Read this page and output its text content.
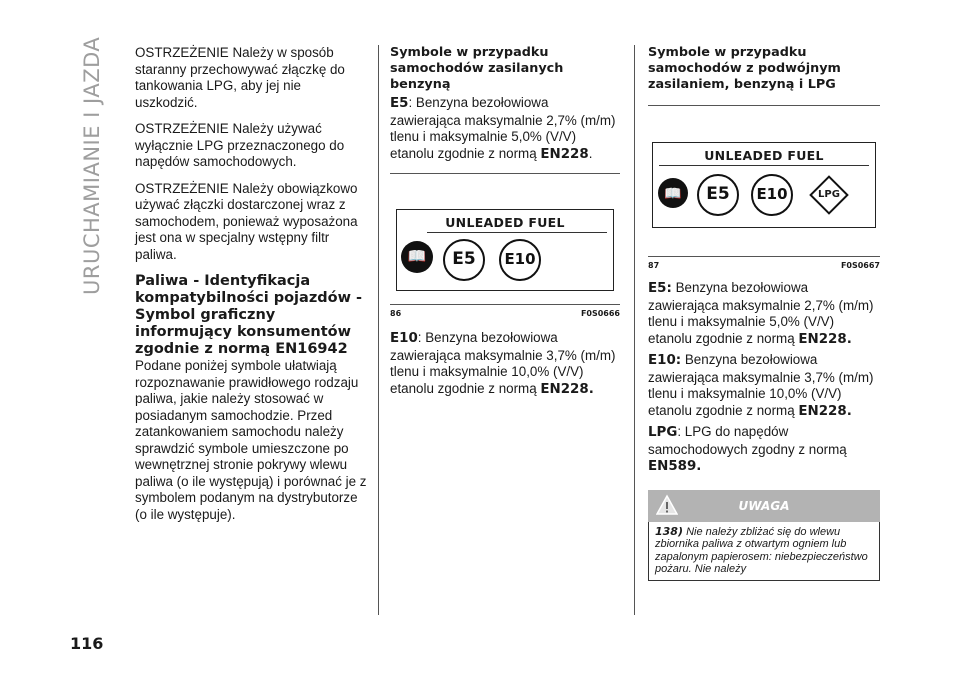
URUCHAMIANIE I JAZDA
116

OSTRZEŻENIE Należy w sposób staranny przechowywać złączkę do tankowania LPG, aby jej nie uszkodzić.

OSTRZEŻENIE Należy używać wyłącznie LPG przeznaczonego do napędów samochodowych.

OSTRZEŻENIE Należy obowiązkowo używać złączki dostarczonej wraz z samochodem, ponieważ wyposażona jest ona w specjalny wstępny filtr paliwa.

Paliwa - Identyfikacja kompatybilności pojazdów - Symbol graficzny informujący konsumentów zgodnie z normą EN16942

Podane poniżej symbole ułatwiają rozpoznawanie prawidłowego rodzaju paliwa, jakie należy stosować w posiadanym samochodzie. Przed zatankowaniem samochodu należy sprawdzić symbole umieszczone po wewnętrznej stronie pokrywy wlewu paliwa (o ile występują) i porównać je z symbolem podanym na dystrybutorze (o ile występuje).

Symbole w przypadku samochodów zasilanych benzyną

E5: Benzyna bezołowiowa zawierająca maksymalnie 2,7% (m/m) tlenu i maksymalnie 5,0% (V/V) etanolu zgodnie z normą EN228.

UNLEADED FUEL
📖	E5	E10
86	F0S0666

E10: Benzyna bezołowiowa zawierająca maksymalnie 3,7% (m/m) tlenu i maksymalnie 10,0% (V/V) etanolu zgodnie z normą EN228.

Symbole w przypadku samochodów z podwójnym zasilaniem, benzyną i LPG
UNLEADED FUEL
📖	E5	E10	LPG
87	F0S0667

E5: Benzyna bezołowiowa zawierająca maksymalnie 2,7% (m/m) tlenu i maksymalnie 5,0% (V/V) etanolu zgodnie z normą EN228.

E10: Benzyna bezołowiowa zawierająca maksymalnie 3,7% (m/m) tlenu i maksymalnie 10,0% (V/V) etanolu zgodnie z normą EN228.

LPG: LPG do napędów samochodowych zgodny z normą EN589.

UWAGA
138) Nie należy zbliżać się do wlewu zbiornika paliwa z otwartym ogniem lub zapalonym papierosem: niebezpieczeństwo pożaru. Nie należy
